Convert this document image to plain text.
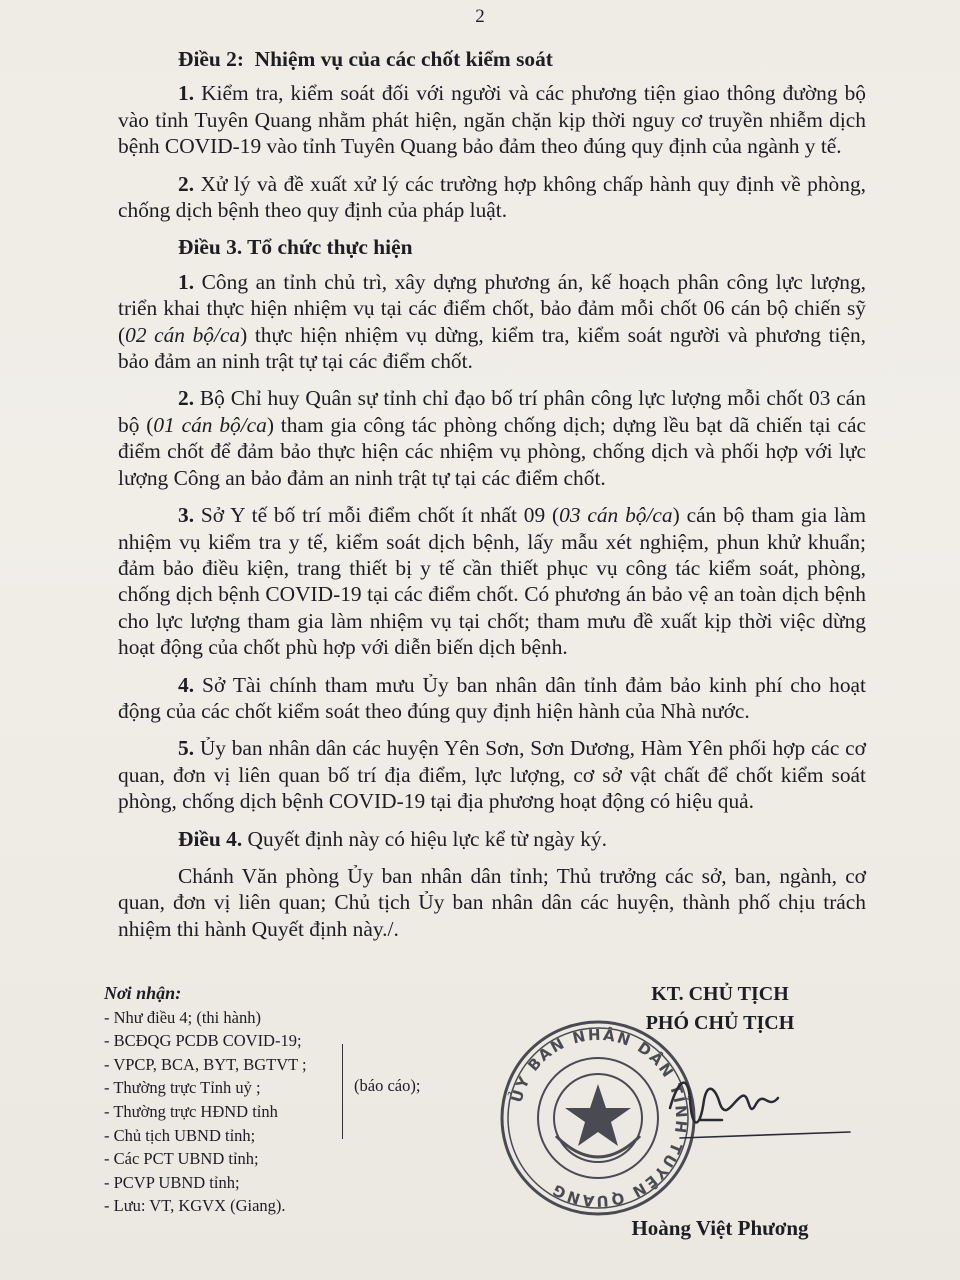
2
Điều 2: Nhiệm vụ của các chốt kiểm soát

1. Kiểm tra, kiểm soát đối với người và các phương tiện giao thông đường bộ vào tỉnh Tuyên Quang nhằm phát hiện, ngăn chặn kịp thời nguy cơ truyền nhiễm dịch bệnh COVID-19 vào tỉnh Tuyên Quang bảo đảm theo đúng quy định của ngành y tế.

2. Xử lý và đề xuất xử lý các trường hợp không chấp hành quy định về phòng, chống dịch bệnh theo quy định của pháp luật.

Điều 3. Tổ chức thực hiện

1. Công an tỉnh chủ trì, xây dựng phương án, kế hoạch phân công lực lượng, triển khai thực hiện nhiệm vụ tại các điểm chốt, bảo đảm mỗi chốt 06 cán bộ chiến sỹ (02 cán bộ/ca) thực hiện nhiệm vụ dừng, kiểm tra, kiểm soát người và phương tiện, bảo đảm an ninh trật tự tại các điểm chốt.

2. Bộ Chỉ huy Quân sự tỉnh chỉ đạo bố trí phân công lực lượng mỗi chốt 03 cán bộ (01 cán bộ/ca) tham gia công tác phòng chống dịch; dựng lều bạt dã chiến tại các điểm chốt để đảm bảo thực hiện các nhiệm vụ phòng, chống dịch và phối hợp với lực lượng Công an bảo đảm an ninh trật tự tại các điểm chốt.

3. Sở Y tế bố trí mỗi điểm chốt ít nhất 09 (03 cán bộ/ca) cán bộ tham gia làm nhiệm vụ kiểm tra y tế, kiểm soát dịch bệnh, lấy mẫu xét nghiệm, phun khử khuẩn; đảm bảo điều kiện, trang thiết bị y tế cần thiết phục vụ công tác kiểm soát, phòng, chống dịch bệnh COVID-19 tại các điểm chốt. Có phương án bảo vệ an toàn dịch bệnh cho lực lượng tham gia làm nhiệm vụ tại chốt; tham mưu đề xuất kịp thời việc dừng hoạt động của chốt phù hợp với diễn biến dịch bệnh.

4. Sở Tài chính tham mưu Ủy ban nhân dân tỉnh đảm bảo kinh phí cho hoạt động của các chốt kiểm soát theo đúng quy định hiện hành của Nhà nước.

5. Ủy ban nhân dân các huyện Yên Sơn, Sơn Dương, Hàm Yên phối hợp các cơ quan, đơn vị liên quan bố trí địa điểm, lực lượng, cơ sở vật chất để chốt kiểm soát phòng, chống dịch bệnh COVID-19 tại địa phương hoạt động có hiệu quả.

Điều 4. Quyết định này có hiệu lực kể từ ngày ký.

Chánh Văn phòng Ủy ban nhân dân tỉnh; Thủ trưởng các sở, ban, ngành, cơ quan, đơn vị liên quan; Chủ tịch Ủy ban nhân dân các huyện, thành phố chịu trách nhiệm thi hành Quyết định này./.

Nơi nhận:
- Như điều 4; (thi hành)
- BCĐQG PCDB COVID-19;
- VPCP, BCA, BYT, BGTVT ;
- Thường trực Tỉnh uỷ ;
- Thường trực HĐND tỉnh
- Chủ tịch UBND tỉnh;
- Các PCT UBND tỉnh;
- PCVP UBND tỉnh;
- Lưu: VT, KGVX (Giang).
(báo cáo);
KT. CHỦ TỊCH
PHÓ CHỦ TỊCH
ỦY BAN NHÂN DÂN TỈNH TUYÊN QUANG
Hoàng Việt Phương
